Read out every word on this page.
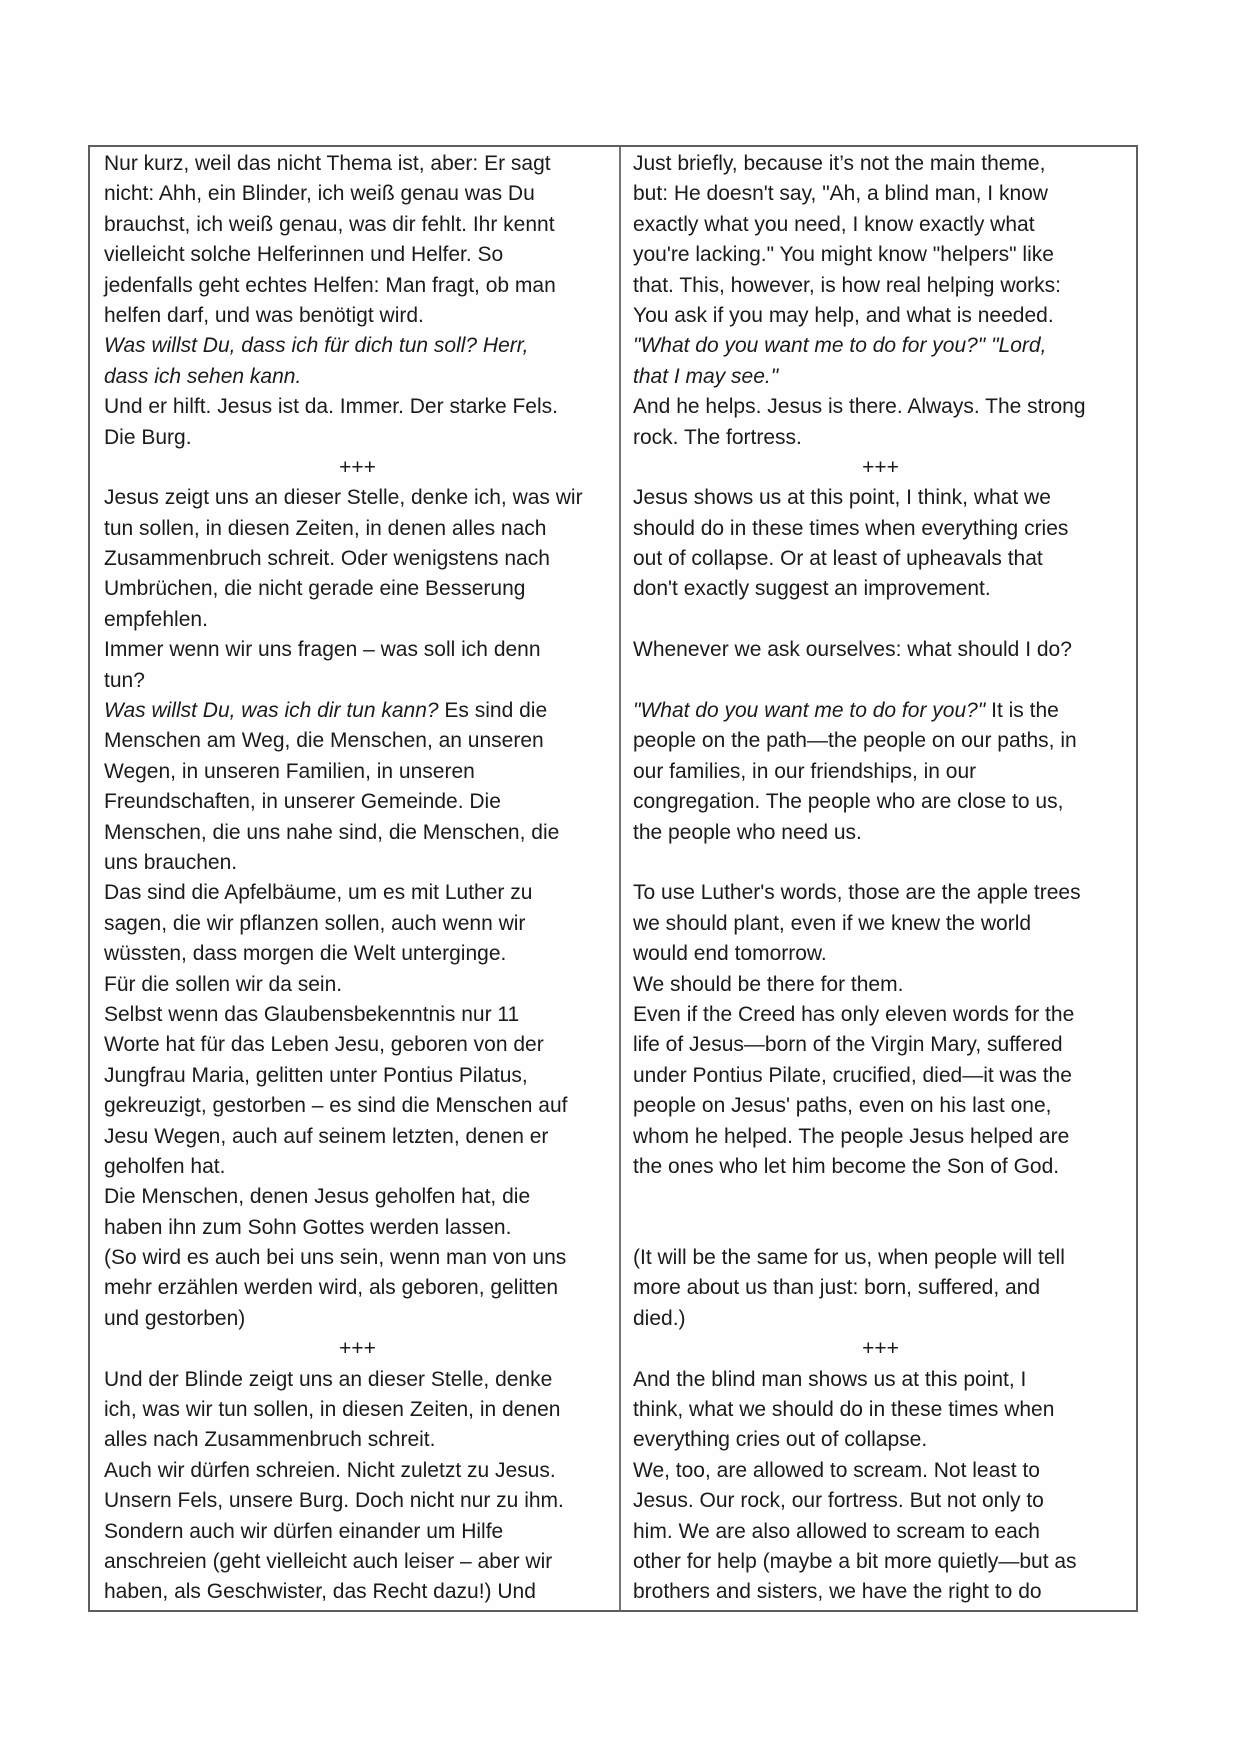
Nur kurz, weil das nicht Thema ist, aber: Er sagt
nicht: Ahh, ein Blinder, ich weiß genau was Du
brauchst, ich weiß genau, was dir fehlt. Ihr kennt
vielleicht solche Helferinnen und Helfer. So
jedenfalls geht echtes Helfen: Man fragt, ob man
helfen darf, und was benötigt wird.
Was willst Du, dass ich für dich tun soll? Herr,
dass ich sehen kann.
Und er hilft. Jesus ist da. Immer. Der starke Fels.
Die Burg.
+++
Jesus zeigt uns an dieser Stelle, denke ich, was wir
tun sollen, in diesen Zeiten, in denen alles nach
Zusammenbruch schreit. Oder wenigstens nach
Umbrüchen, die nicht gerade eine Besserung
empfehlen.
Immer wenn wir uns fragen – was soll ich denn
tun?
Was willst Du, was ich dir tun kann? Es sind die
Menschen am Weg, die Menschen, an unseren
Wegen, in unseren Familien, in unseren
Freundschaften, in unserer Gemeinde. Die
Menschen, die uns nahe sind, die Menschen, die
uns brauchen.
Das sind die Apfelbäume, um es mit Luther zu
sagen, die wir pflanzen sollen, auch wenn wir
wüssten, dass morgen die Welt unterginge.
Für die sollen wir da sein.
Selbst wenn das Glaubensbekenntnis nur 11
Worte hat für das Leben Jesu, geboren von der
Jungfrau Maria, gelitten unter Pontius Pilatus,
gekreuzigt, gestorben – es sind die Menschen auf
Jesu Wegen, auch auf seinem letzten, denen er
geholfen hat.
Die Menschen, denen Jesus geholfen hat, die
haben ihn zum Sohn Gottes werden lassen.
(So wird es auch bei uns sein, wenn man von uns
mehr erzählen werden wird, als geboren, gelitten
und gestorben)
+++
Und der Blinde zeigt uns an dieser Stelle, denke
ich, was wir tun sollen, in diesen Zeiten, in denen
alles nach Zusammenbruch schreit.
Auch wir dürfen schreien. Nicht zuletzt zu Jesus.
Unsern Fels, unsere Burg. Doch nicht nur zu ihm.
Sondern auch wir dürfen einander um Hilfe
anschreien (geht vielleicht auch leiser – aber wir
haben, als Geschwister, das Recht dazu!) Und
Just briefly, because it’s not the main theme,
but: He doesn't say, "Ah, a blind man, I know
exactly what you need, I know exactly what
you're lacking." You might know "helpers" like
that. This, however, is how real helping works:
You ask if you may help, and what is needed.
"What do you want me to do for you?" "Lord,
that I may see."
And he helps. Jesus is there. Always. The strong
rock. The fortress.
+++
Jesus shows us at this point, I think, what we
should do in these times when everything cries
out of collapse. Or at least of upheavals that
don't exactly suggest an improvement.

Whenever we ask ourselves: what should I do?

"What do you want me to do for you?" It is the
people on the path—the people on our paths, in
our families, in our friendships, in our
congregation. The people who are close to us,
the people who need us.

To use Luther's words, those are the apple trees
we should plant, even if we knew the world
would end tomorrow.
We should be there for them.
Even if the Creed has only eleven words for the
life of Jesus—born of the Virgin Mary, suffered
under Pontius Pilate, crucified, died—it was the
people on Jesus' paths, even on his last one,
whom he helped. The people Jesus helped are
the ones who let him become the Son of God.

(It will be the same for us, when people will tell
more about us than just: born, suffered, and
died.)
+++
And the blind man shows us at this point, I
think, what we should do in these times when
everything cries out of collapse.
We, too, are allowed to scream. Not least to
Jesus. Our rock, our fortress. But not only to
him. We are also allowed to scream to each
other for help (maybe a bit more quietly—but as
brothers and sisters, we have the right to do
